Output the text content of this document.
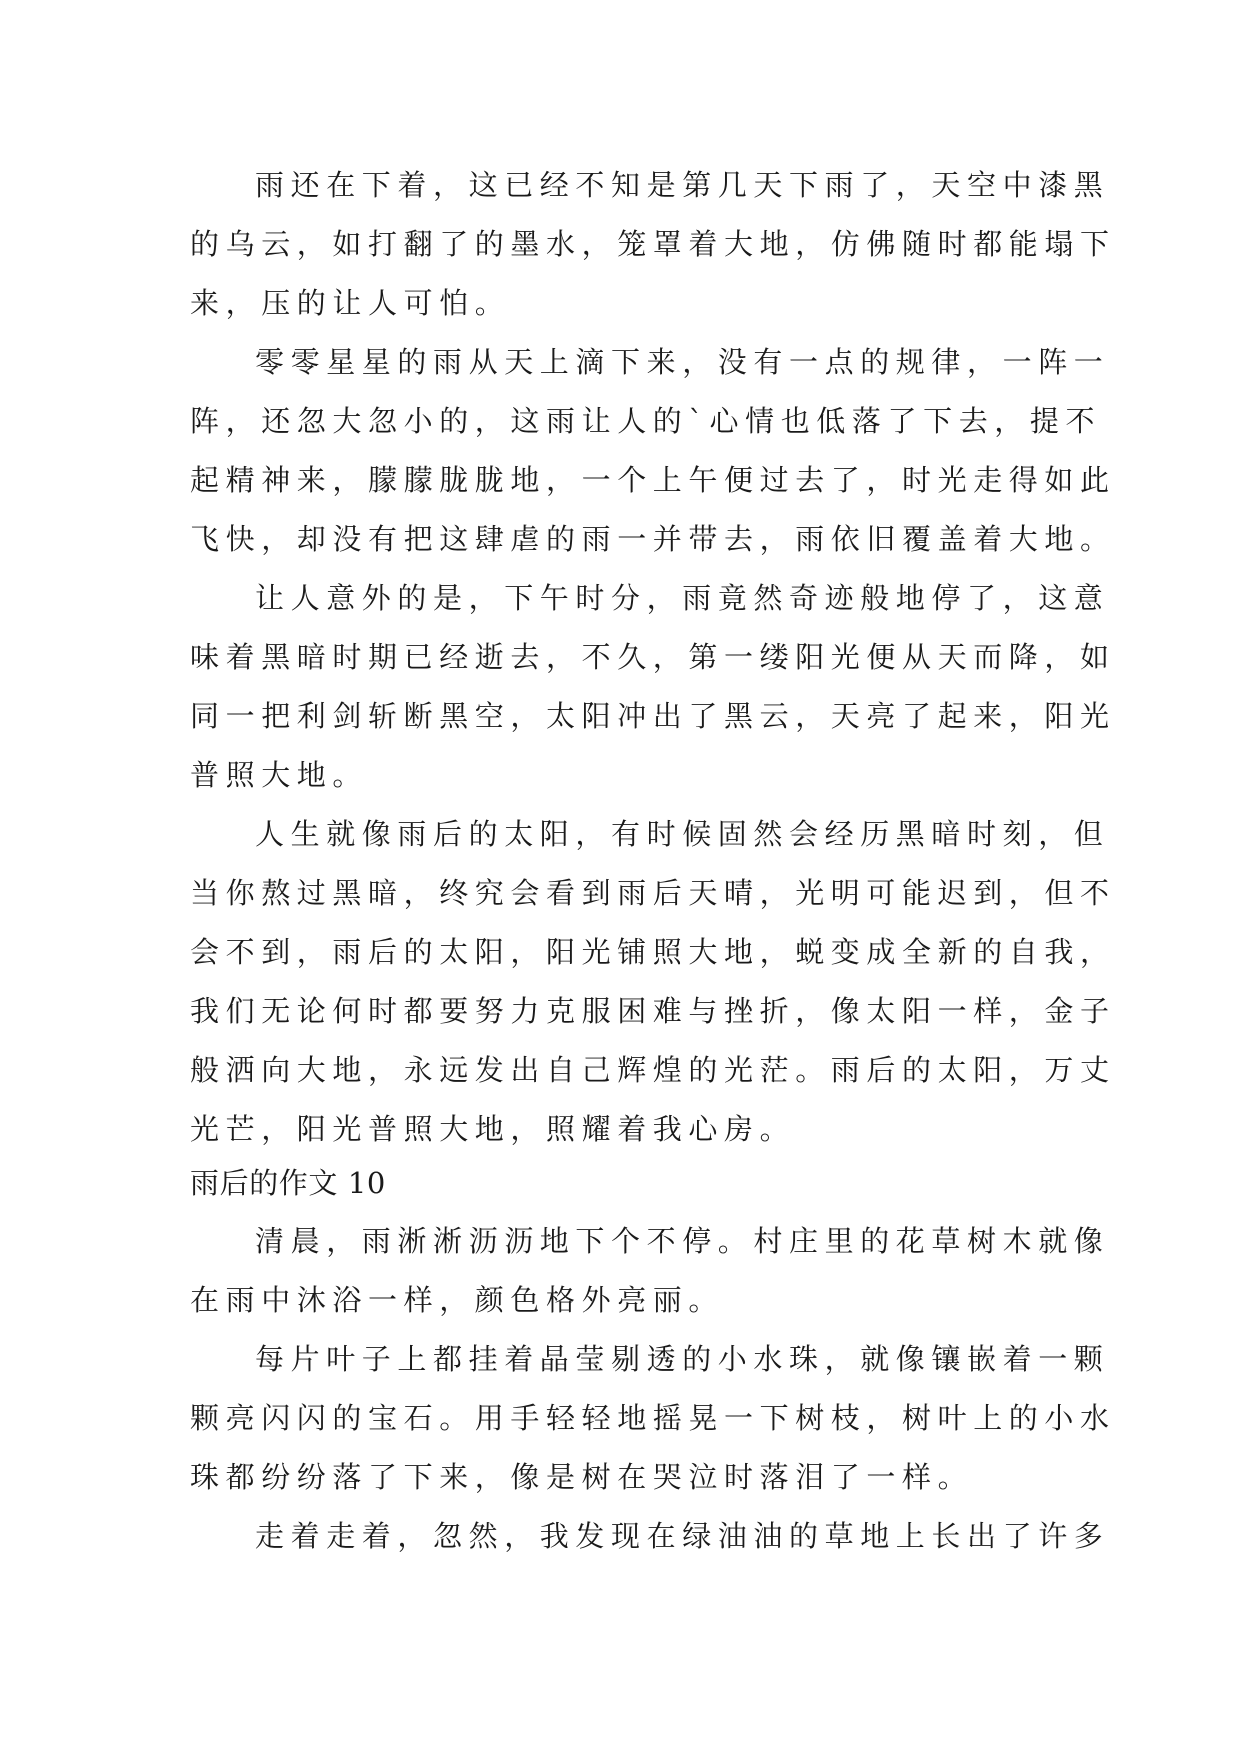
雨还在下着，这已经不知是第几天下雨了，天空中漆黑
的乌云，如打翻了的墨水，笼罩着大地，仿佛随时都能塌下
来，压的让人可怕。
零零星星的雨从天上滴下来，没有一点的规律，一阵一
阵，还忽大忽小的，这雨让人的`心情也低落了下去，提不
起精神来，朦朦胧胧地，一个上午便过去了，时光走得如此
飞快，却没有把这肆虐的雨一并带去，雨依旧覆盖着大地。
让人意外的是，下午时分，雨竟然奇迹般地停了，这意
味着黑暗时期已经逝去，不久，第一缕阳光便从天而降，如
同一把利剑斩断黑空，太阳冲出了黑云，天亮了起来，阳光
普照大地。
人生就像雨后的太阳，有时候固然会经历黑暗时刻，但
当你熬过黑暗，终究会看到雨后天晴，光明可能迟到，但不
会不到，雨后的太阳，阳光铺照大地，蜕变成全新的自我，
我们无论何时都要努力克服困难与挫折，像太阳一样，金子
般洒向大地，永远发出自己辉煌的光茫。雨后的太阳，万丈
光芒，阳光普照大地，照耀着我心房。
雨后的作文 10
清晨，雨淅淅沥沥地下个不停。村庄里的花草树木就像
在雨中沐浴一样，颜色格外亮丽。
每片叶子上都挂着晶莹剔透的小水珠，就像镶嵌着一颗
颗亮闪闪的宝石。用手轻轻地摇晃一下树枝，树叶上的小水
珠都纷纷落了下来，像是树在哭泣时落泪了一样。
走着走着，忽然，我发现在绿油油的草地上长出了许多
